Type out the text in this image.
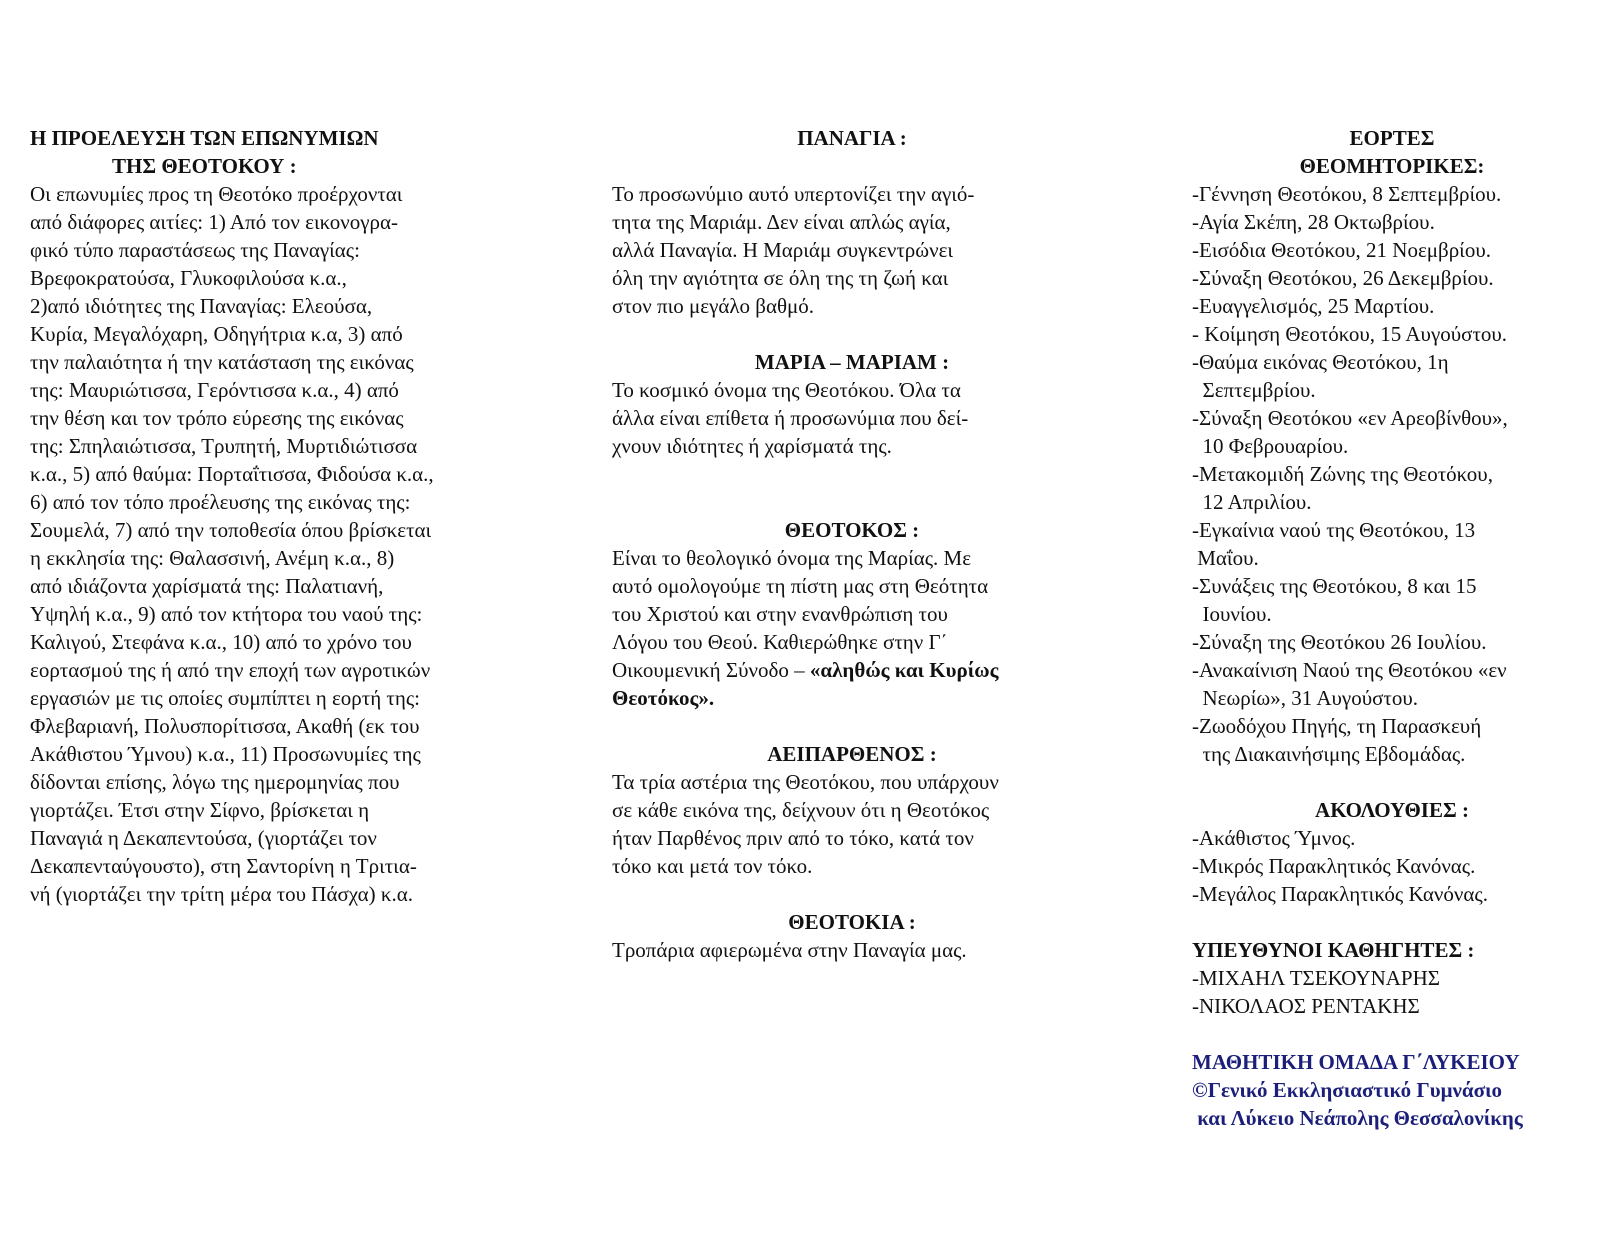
Η ΠΡΟΕΛΕΥΣΗ ΤΩΝ ΕΠΩΝΥΜΙΩΝ
ΤΗΣ ΘΕΟΤΟΚΟΥ :
Οι επωνυμίες προς τη Θεοτόκο προέρχονται
από διάφορες αιτίες: 1) Από τον εικονογρα-
φικό τύπο παραστάσεως της Παναγίας:
Βρεφοκρατούσα, Γλυκοφιλούσα κ.α.,
2)από ιδιότητες της Παναγίας: Ελεούσα,
Κυρία, Μεγαλόχαρη, Οδηγήτρια κ.α, 3) από
την παλαιότητα ή την κατάσταση της εικόνας
της: Μαυριώτισσα, Γερόντισσα κ.α., 4) από
την θέση και τον τρόπο εύρεσης της εικόνας
της: Σπηλαιώτισσα, Τρυπητή, Μυρτιδιώτισσα
κ.α., 5) από θαύμα: Πορταΐτισσα, Φιδούσα κ.α.,
6) από τον τόπο προέλευσης της εικόνας της:
Σουμελά, 7) από την τοποθεσία όπου βρίσκεται
η εκκλησία της: Θαλασσινή, Ανέμη κ.α., 8)
από ιδιάζοντα χαρίσματά της: Παλατιανή,
Υψηλή κ.α., 9) από τον κτήτορα του ναού της:
Καλιγού, Στεφάνα κ.α., 10) από το χρόνο του
εορτασμού της ή από την εποχή των αγροτικών
εργασιών με τις οποίες συμπίπτει η εορτή της:
Φλεβαριανή, Πολυσπορίτισσα, Ακαθή (εκ του
Ακάθιστου Ύμνου) κ.α., 11) Προσωνυμίες της
δίδονται επίσης, λόγω της ημερομηνίας που
γιορτάζει. Έτσι στην Σίφνο, βρίσκεται η
Παναγιά η Δεκαπεντούσα, (γιορτάζει τον
Δεκαπενταύγουστο), στη Σαντορίνη η Τριτια-
νή (γιορτάζει την τρίτη μέρα του Πάσχα) κ.α.
ΠΑΝΑΓΙΑ :
Το προσωνύμιο αυτό υπερτονίζει την αγιό-
τητα της Μαριάμ. Δεν είναι απλώς αγία,
αλλά Παναγία. Η Μαριάμ συγκεντρώνει
όλη την αγιότητα σε όλη της τη ζωή και
στον πιο μεγάλο βαθμό.
ΜΑΡΙΑ – ΜΑΡΙΑΜ :
Το κοσμικό όνομα της Θεοτόκου. Όλα τα
άλλα είναι επίθετα ή προσωνύμια που δεί-
χνουν ιδιότητες ή χαρίσματά της.
ΘΕΟΤΟΚΟΣ :
Είναι το θεολογικό όνομα της Μαρίας. Με
αυτό ομολογούμε τη πίστη μας στη Θεότητα
του Χριστού και στην ενανθρώπιση του
Λόγου του Θεού. Καθιερώθηκε στην Γ΄
Οικουμενική Σύνοδο – «αληθώς και Κυρίως
Θεοτόκος».
ΑΕΙΠΑΡΘΕΝΟΣ :
Τα τρία αστέρια της Θεοτόκου, που υπάρχουν
σε κάθε εικόνα της, δείχνουν ότι η Θεοτόκος
ήταν Παρθένος πριν από το τόκο, κατά τον
τόκο και μετά τον τόκο.
ΘΕΟΤΟΚΙΑ :
Τροπάρια αφιερωμένα στην Παναγία μας.
ΕΟΡΤΕΣ
ΘΕΟΜΗΤΟΡΙΚΕΣ:
-Γέννηση Θεοτόκου, 8 Σεπτεμβρίου.
-Αγία Σκέπη, 28 Οκτωβρίου.
-Εισόδια Θεοτόκου, 21 Νοεμβρίου.
-Σύναξη Θεοτόκου, 26 Δεκεμβρίου.
-Ευαγγελισμός, 25 Μαρτίου.
- Κοίμηση Θεοτόκου, 15 Αυγούστου.
-Θαύμα εικόνας Θεοτόκου, 1η
Σεπτεμβρίου.
-Σύναξη Θεοτόκου «εν Αρεοβίνθου»,
10 Φεβρουαρίου.
-Μετακομιδή Ζώνης της Θεοτόκου,
12 Απριλίου.
-Εγκαίνια ναού της Θεοτόκου, 13
Μαΐου.
-Συνάξεις της Θεοτόκου, 8 και 15
Ιουνίου.
-Σύναξη της Θεοτόκου 26 Ιουλίου.
-Ανακαίνιση Ναού της Θεοτόκου «εν
Νεωρίω», 31 Αυγούστου.
-Ζωοδόχου Πηγής, τη Παρασκευή
της Διακαινήσιμης Εβδομάδας.
ΑΚΟΛΟΥΘΙΕΣ :
-Ακάθιστος Ύμνος.
-Μικρός Παρακλητικός Κανόνας.
-Μεγάλος Παρακλητικός Κανόνας.
ΥΠΕΥΘΥΝΟΙ ΚΑΘΗΓΗΤΕΣ :
-ΜΙΧΑΗΛ ΤΣΕΚΟΥΝΑΡΗΣ
-ΝΙΚΟΛΑΟΣ ΡΕΝΤΑΚΗΣ
ΜΑΘΗΤΙΚΗ ΟΜΑΔΑ Γ΄ΛΥΚΕΙΟΥ
©Γενικό Εκκλησιαστικό Γυμνάσιο
και Λύκειο Νεάπολης Θεσσαλονίκης
